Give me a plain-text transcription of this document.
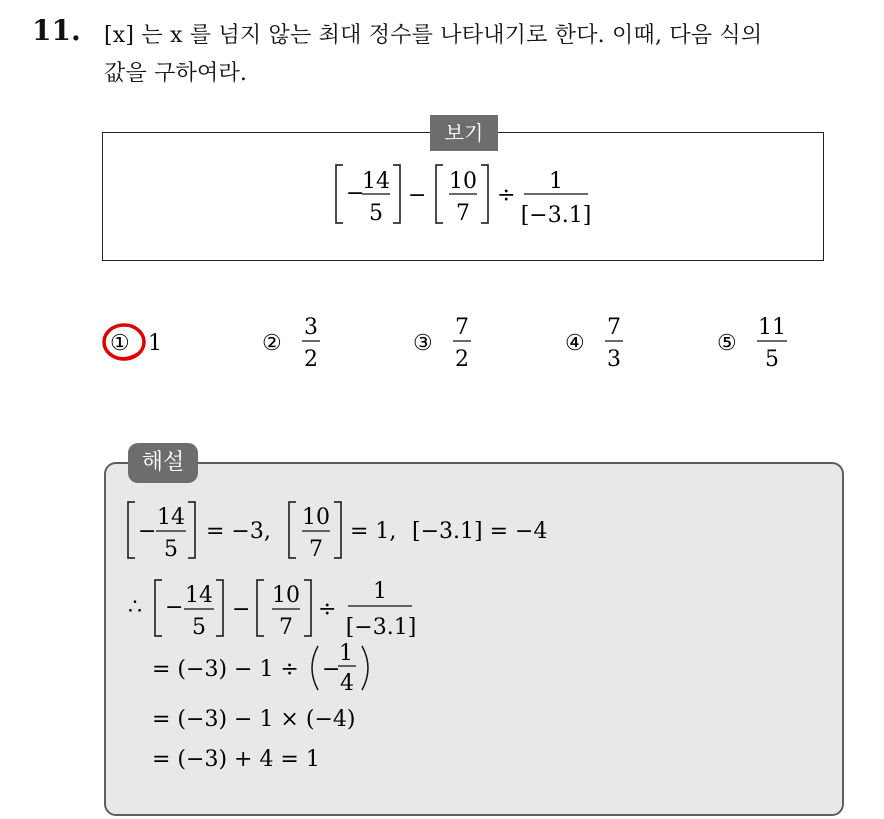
11. [x] 는 x 를 넘지 않는 최대 정수를 나타내기로 한다. 이때, 다음 식의
값을 구하여라.
보기
−
14
5
−
10
7
÷
1
[−3.1]
① 1	②
3
2
③
7
2
④
7
3
⑤
11
5
해설
−
14
5
= −3,
10
7
= 1, [−3.1] = −4
∴ − 14
5
−
10
7
÷
1
[−3.1]
= (−3) − 1 ÷ −
1
4
= (−3) − 1 × (−4)
= (−3) + 4 = 1
